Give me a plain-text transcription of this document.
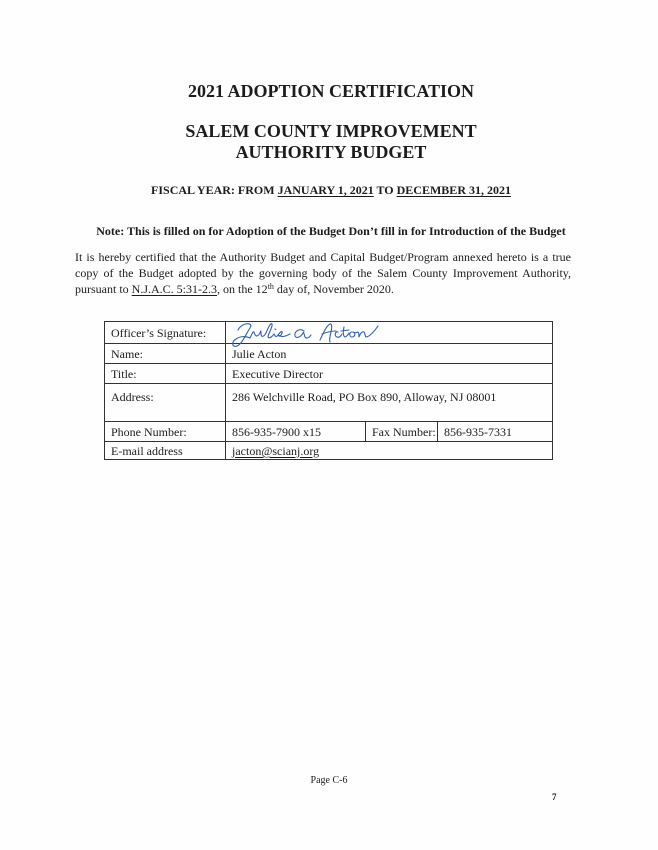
2021 ADOPTION CERTIFICATION
SALEM COUNTY IMPROVEMENT
AUTHORITY BUDGET
FISCAL YEAR: FROM JANUARY 1, 2021 TO DECEMBER 31, 2021
Note: This is filled on for Adoption of the Budget Don’t fill in for Introduction of the Budget
It is hereby certified that the Authority Budget and Capital Budget/Program annexed hereto is a true
copy of the Budget adopted by the governing body of the Salem County Improvement Authority,
pursuant to N.J.A.C. 5:31-2.3, on the 12th day of, November 2020.
Officer’s Signature:			
Name:	Julie Acton		
Title:	Executive Director		
Address:	286 Welchville Road, PO Box 890, Alloway, NJ 08001		
Phone Number:	856-935-7900 x15	Fax Number:	856-935-7331
E-mail address	jacton@scianj.org		
Page C-6
7
